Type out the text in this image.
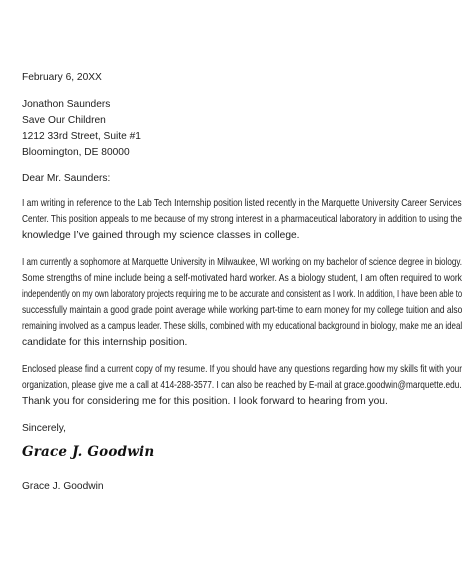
February 6, 20XX
Jonathon Saunders
Save Our Children
1212 33rd Street, Suite #1
Bloomington, DE 80000
Dear Mr. Saunders:
I am writing in reference to the Lab Tech Internship position listed recently in the Marquette University Career Services
Center. This position appeals to me because of my strong interest in a pharmaceutical laboratory in addition to using the
knowledge I’ve gained through my science classes in college.
I am currently a sophomore at Marquette University in Milwaukee, WI working on my bachelor of science degree in biology.
Some strengths of mine include being a self-motivated hard worker. As a biology student, I am often required to work
independently on my own laboratory projects requiring me to be accurate and consistent as I work. In addition, I have been able to
successfully maintain a good grade point average while working part-time to earn money for my college tuition and also
remaining involved as a campus leader. These skills, combined with my educational background in biology, make me an ideal
candidate for this internship position.
Enclosed please find a current copy of my resume. If you should have any questions regarding how my skills fit with your
organization, please give me a call at 414-288-3577. I can also be reached by E-mail at grace.goodwin@marquette.edu.
Thank you for considering me for this position. I look forward to hearing from you.
Sincerely,
Grace J. Goodwin
Grace J. Goodwin
